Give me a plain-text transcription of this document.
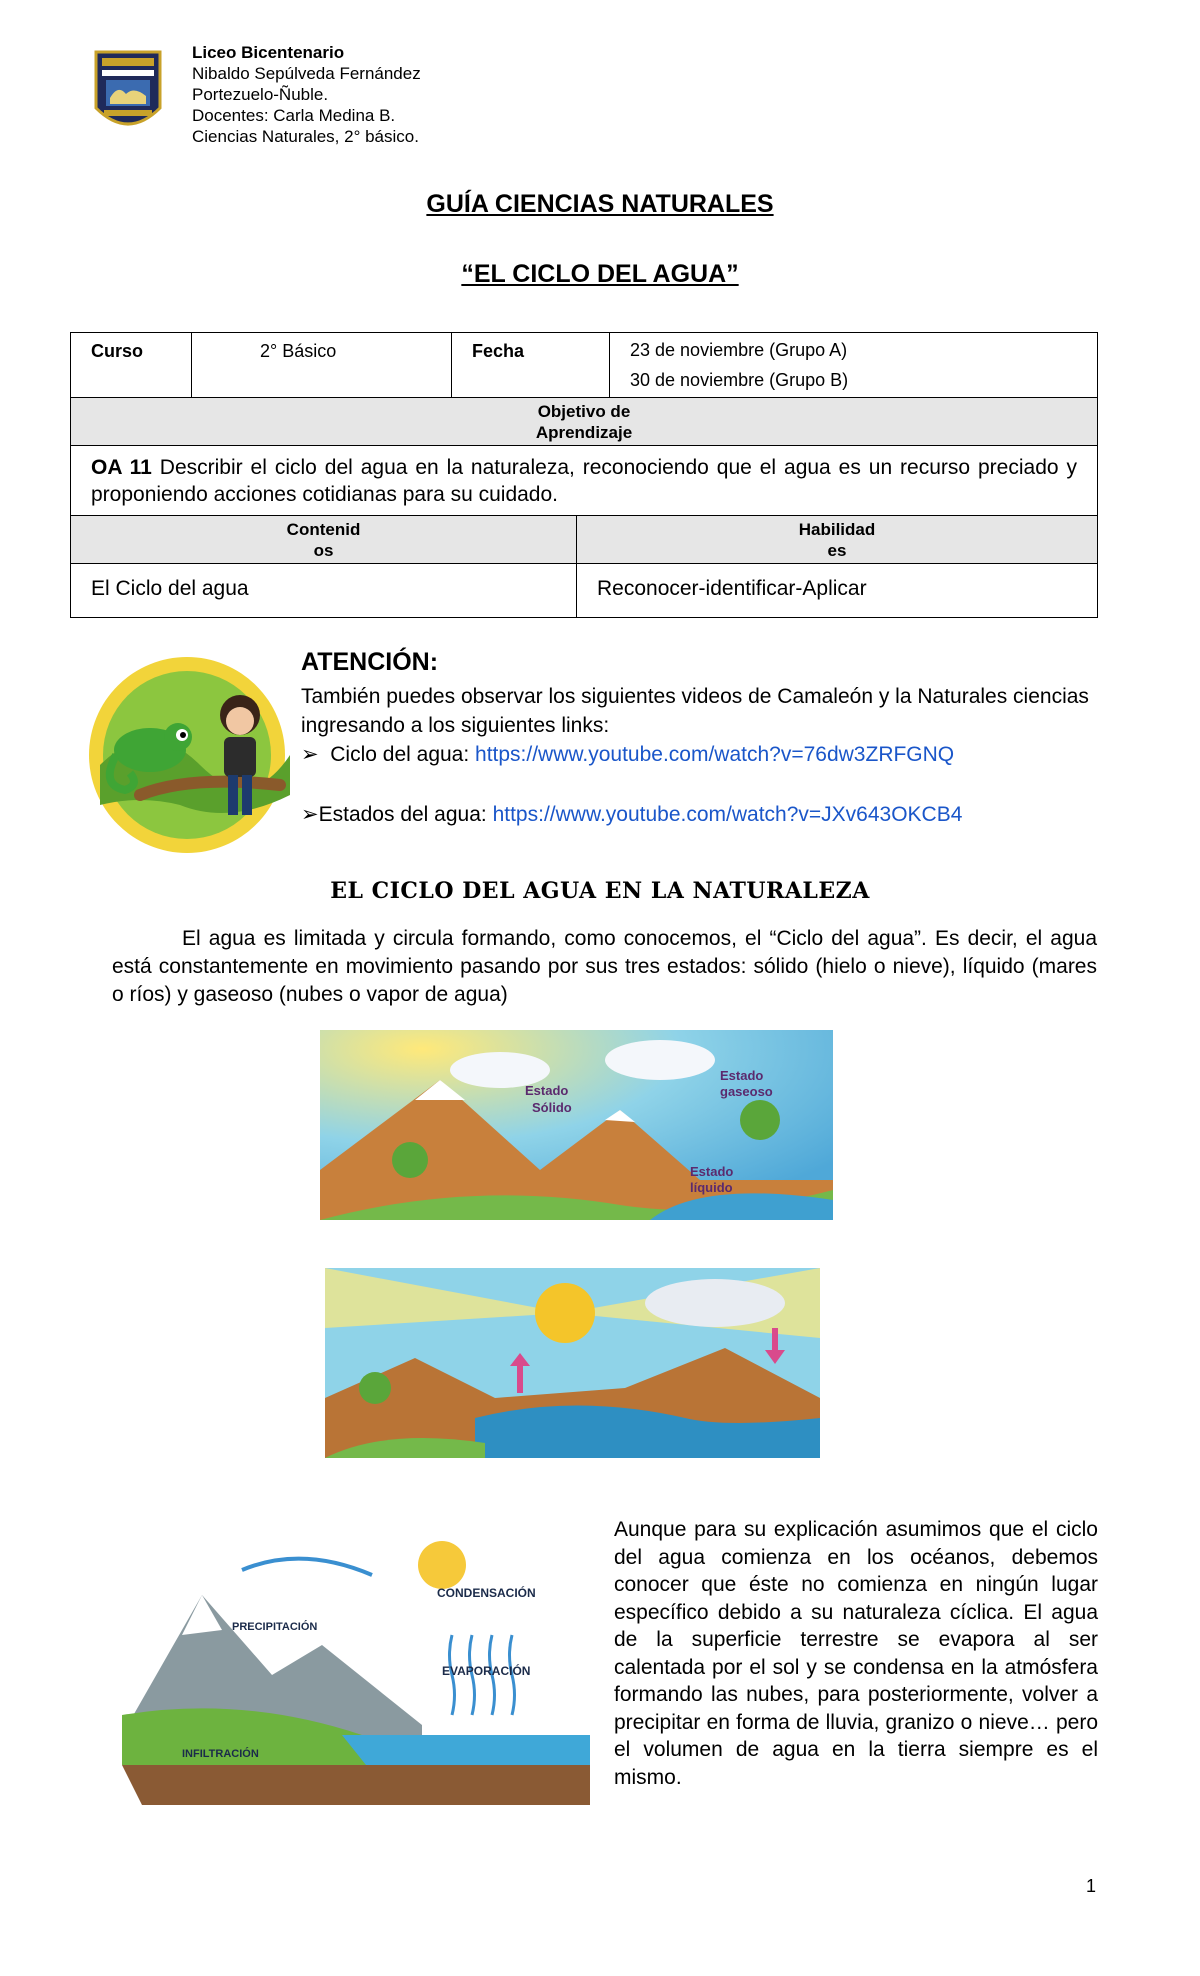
Liceo Bicentenario
Nibaldo Sepúlveda Fernández
Portezuelo-Ñuble.
Docentes: Carla Medina B.
Ciencias Naturales, 2° básico.
GUÍA CIENCIAS NATURALES
“EL CICLO DEL AGUA”
Curso	2° Básico	Fecha	23 de noviembre (Grupo A)
30 de noviembre (Grupo B)
Objetivo de
Aprendizaje
OA 11 Describir el ciclo del agua en la naturaleza, reconociendo que el agua es un recurso preciado y proponiendo acciones cotidianas para su cuidado.
Contenid
os
Habilidad
es
El Ciclo del agua	Reconocer-identificar-Aplicar
ATENCIÓN:
También puedes observar los siguientes videos de Camaleón y la Naturales ciencias ingresando a los siguientes links:
➢  Ciclo del agua: https://www.youtube.com/watch?v=76dw3ZRFGNQ
➢Estados del agua: https://www.youtube.com/watch?v=JXv643OKCB4
EL CICLO DEL AGUA EN LA NATURALEZA
El agua es limitada y circula formando, como conocemos, el “Ciclo del agua”. Es decir, el agua está constantemente en movimiento pasando por sus tres estados: sólido (hielo o nieve), líquido (mares o ríos) y gaseoso (nubes o vapor de agua)
Estado
Sólido
Estado
gaseoso
Estado
líquido
CONDENSACIÓN
PRECIPITACIÓN
EVAPORACIÓN
INFILTRACIÓN
Aunque para su explicación asumimos que el ciclo del agua comienza en los océanos, debemos conocer que éste no comienza en ningún lugar específico debido a su naturaleza cíclica. El agua de la superficie terrestre se evapora al ser calentada por el sol y se condensa en la atmósfera formando las nubes, para posteriormente, volver a precipitar en forma de lluvia, granizo o nieve… pero el volumen de agua en la tierra siempre es el mismo.
1
